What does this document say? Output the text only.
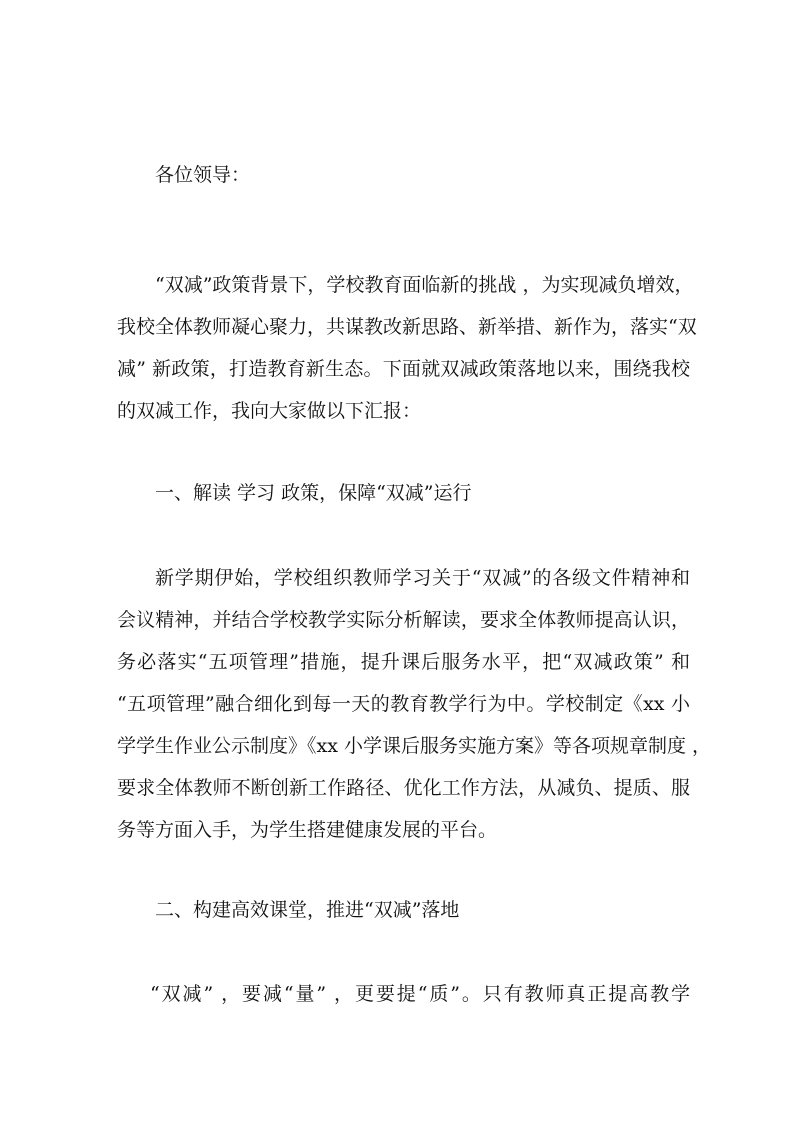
各位领导：
“双减”政策背景下，学校教育面临新的挑战 ，为实现减负增效，
我校全体教师凝心聚力，共谋教改新思路、新举措、新作为，落实“双
减” 新政策，打造教育新生态。下面就双减政策落地以来，围绕我校
的双减工作，我向大家做以下汇报：
一、解读 学习 政策，保障“双减”运行
新学期伊始，学校组织教师学习关于“双减”的各级文件精神和
会议精神，并结合学校教学实际分析解读，要求全体教师提高认识，
务必落实“五项管理”措施，提升课后服务水平，把“双减政策” 和
“五项管理”融合细化到每一天的教育教学行为中。学校制定《xx 小
学学生作业公示制度》《xx 小学课后服务实施方案》等各项规章制度 ，
要求全体教师不断创新工作路径、优化工作方法，从减负、提质、服
务等方面入手，为学生搭建健康发展的平台。
二、构建高效课堂，推进“双减”落地
“双减” ，要减“量” ，更要提“质”。只有教师真正提高教学
